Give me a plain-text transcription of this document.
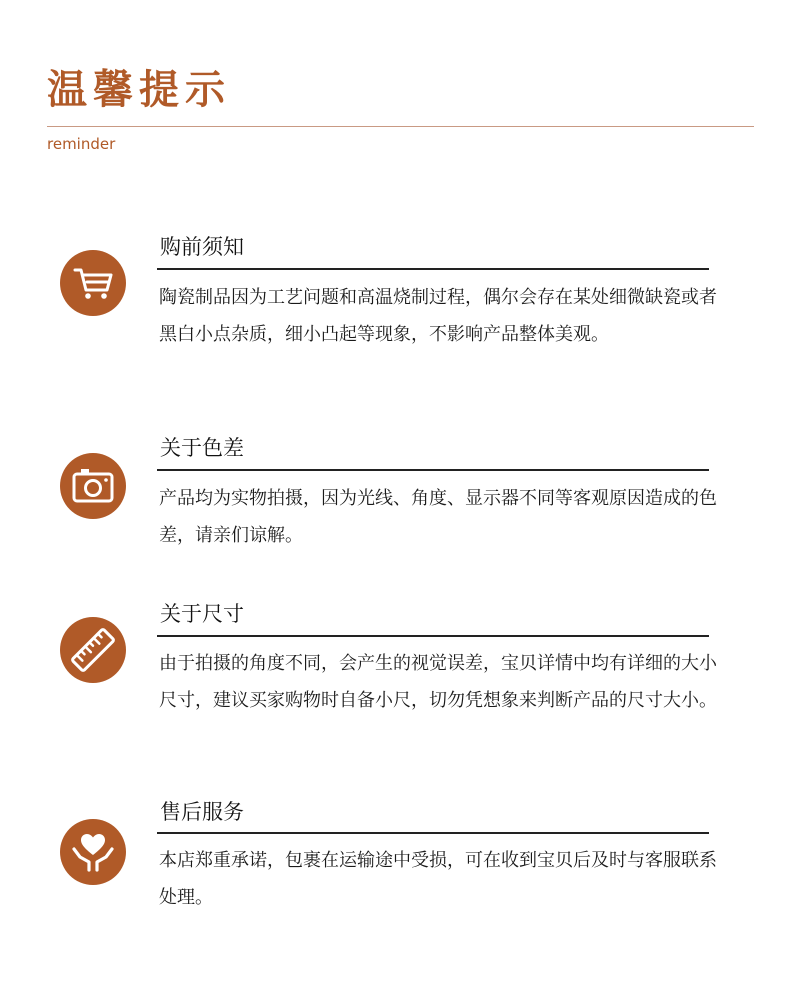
温馨提示
reminder
购前须知
陶瓷制品因为工艺问题和高温烧制过程，偶尔会存在某处细微缺瓷或者黑白小点杂质，细小凸起等现象，不影响产品整体美观。
关于色差
产品均为实物拍摄，因为光线、角度、显示器不同等客观原因造成的色差，请亲们谅解。
关于尺寸
由于拍摄的角度不同，会产生的视觉误差，宝贝详情中均有详细的大小尺寸，建议买家购物时自备小尺，切勿凭想象来判断产品的尺寸大小。
售后服务
本店郑重承诺，包裹在运输途中受损，可在收到宝贝后及时与客服联系处理。
